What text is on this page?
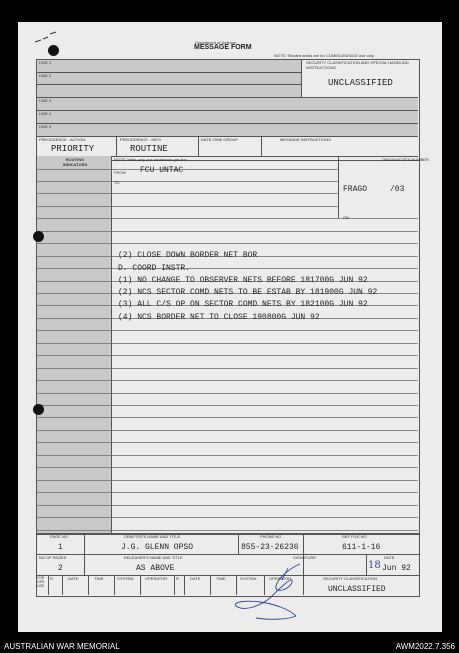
Department of Defence
MESSAGE FORM
NOTE: Shaded areas are for COMMCEN/SIGS use only
LINE 1
LINE 2
LINE 3
LINE 4
LINE 5
SECURITY CLASSIFICATION AND SPECIAL HANDLING INSTRUCTIONS
UNCLASSIFIED
PRECEDENCE - ACTION
PRIORITY
PRECEDENCE - INFO
ROUTINE
DATE-TIME GROUP	MESSAGE INSTRUCTIONS
ROUTING INDICATORS
NOTE: Write only one addressee per line
FROM FCU UNTAC
TO
ORIGINATOR'S NUMBER
FRAGO	/03
ON
(2) CLOSE DOWN BORDER NET BOR
D. COORD INSTR.
(1) NO CHANGE TO OBSERVER NETS BEFORE 181700G JUN 92
(2) NCS SECTOR COMD NETS TO BE ESTAB BY 181900G JUN 92
(3) ALL C/S OP ON SECTOR COMD NETS BY 182100G JUN 92
(4) NCS BORDER NET TO CLOSE 190800G JUN 92
PAGE NO
1
DRAFTER'S NAME AND TITLE
J.G. GLENN OPSO
PHONE NO
855-23-26236
REF FILE NO
611-1-16
NO OF PAGES
2
RELEASER'S NAME AND TITLE
AS ABOVE
SIGNATURE	DATE
18 Jun 92
FOR OPS USE
R	DATE	TIME	SYSTEM	OPERATOR R	DATE	TIME	SYSTEM	OPERATOR	SECURITY CLASSIFICATION
UNCLASSIFIED
AUSTRALIAN WAR MEMORIAL	AWM2022.7.356
